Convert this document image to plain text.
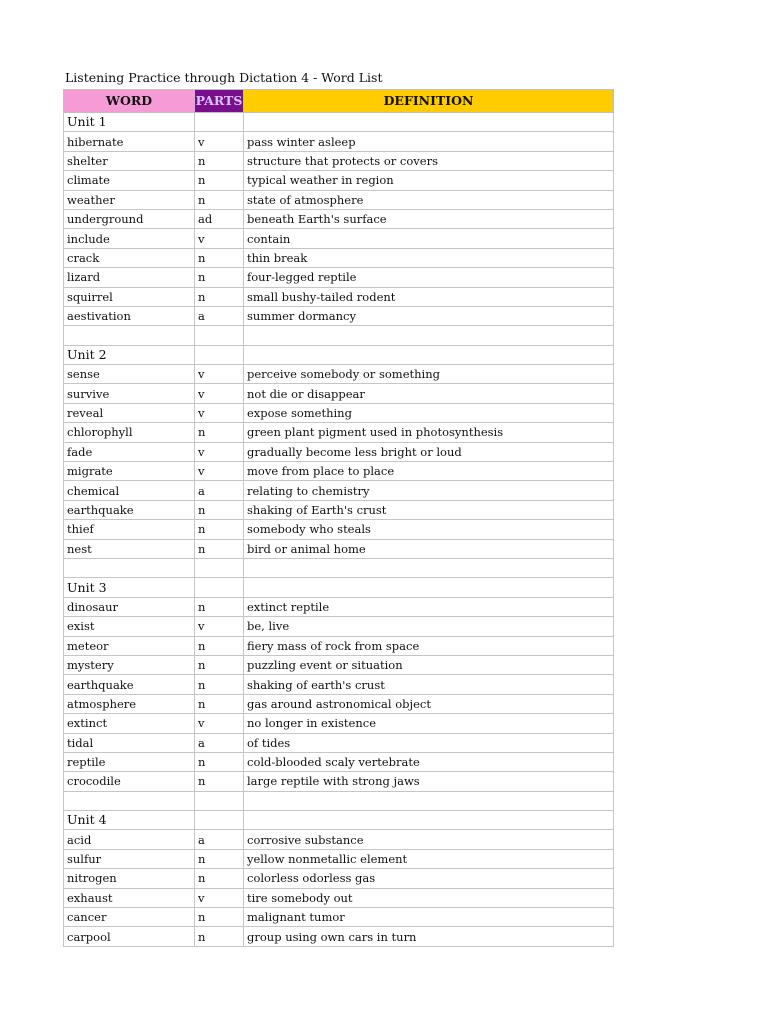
Listening Practice through Dictation 4 - Word List
WORD	PARTS	DEFINITION
Unit 1		
hibernate	v	pass winter asleep
shelter	n	structure that protects or covers
climate	n	typical weather in region
weather	n	state of atmosphere
underground	ad	beneath Earth's surface
include	v	contain
crack	n	thin break
lizard	n	four-legged reptile
squirrel	n	small bushy-tailed rodent
aestivation	a	summer dormancy

Unit 2		
sense	v	perceive somebody or something
survive	v	not die or disappear
reveal	v	expose something
chlorophyll	n	green plant pigment used in photosynthesis
fade	v	gradually become less bright or loud
migrate	v	move from place to place
chemical	a	relating to chemistry
earthquake	n	shaking of Earth's crust
thief	n	somebody who steals
nest	n	bird or animal home

Unit 3		
dinosaur	n	extinct reptile
exist	v	be, live
meteor	n	fiery mass of rock from space
mystery	n	puzzling event or situation
earthquake	n	shaking of earth's crust
atmosphere	n	gas around astronomical object
extinct	v	no longer in existence
tidal	a	of tides
reptile	n	cold-blooded scaly vertebrate
crocodile	n	large reptile with strong jaws

Unit 4		
acid	a	corrosive substance
sulfur	n	yellow nonmetallic element
nitrogen	n	colorless odorless gas
exhaust	v	tire somebody out
cancer	n	malignant tumor
carpool	n	group using own cars in turn
